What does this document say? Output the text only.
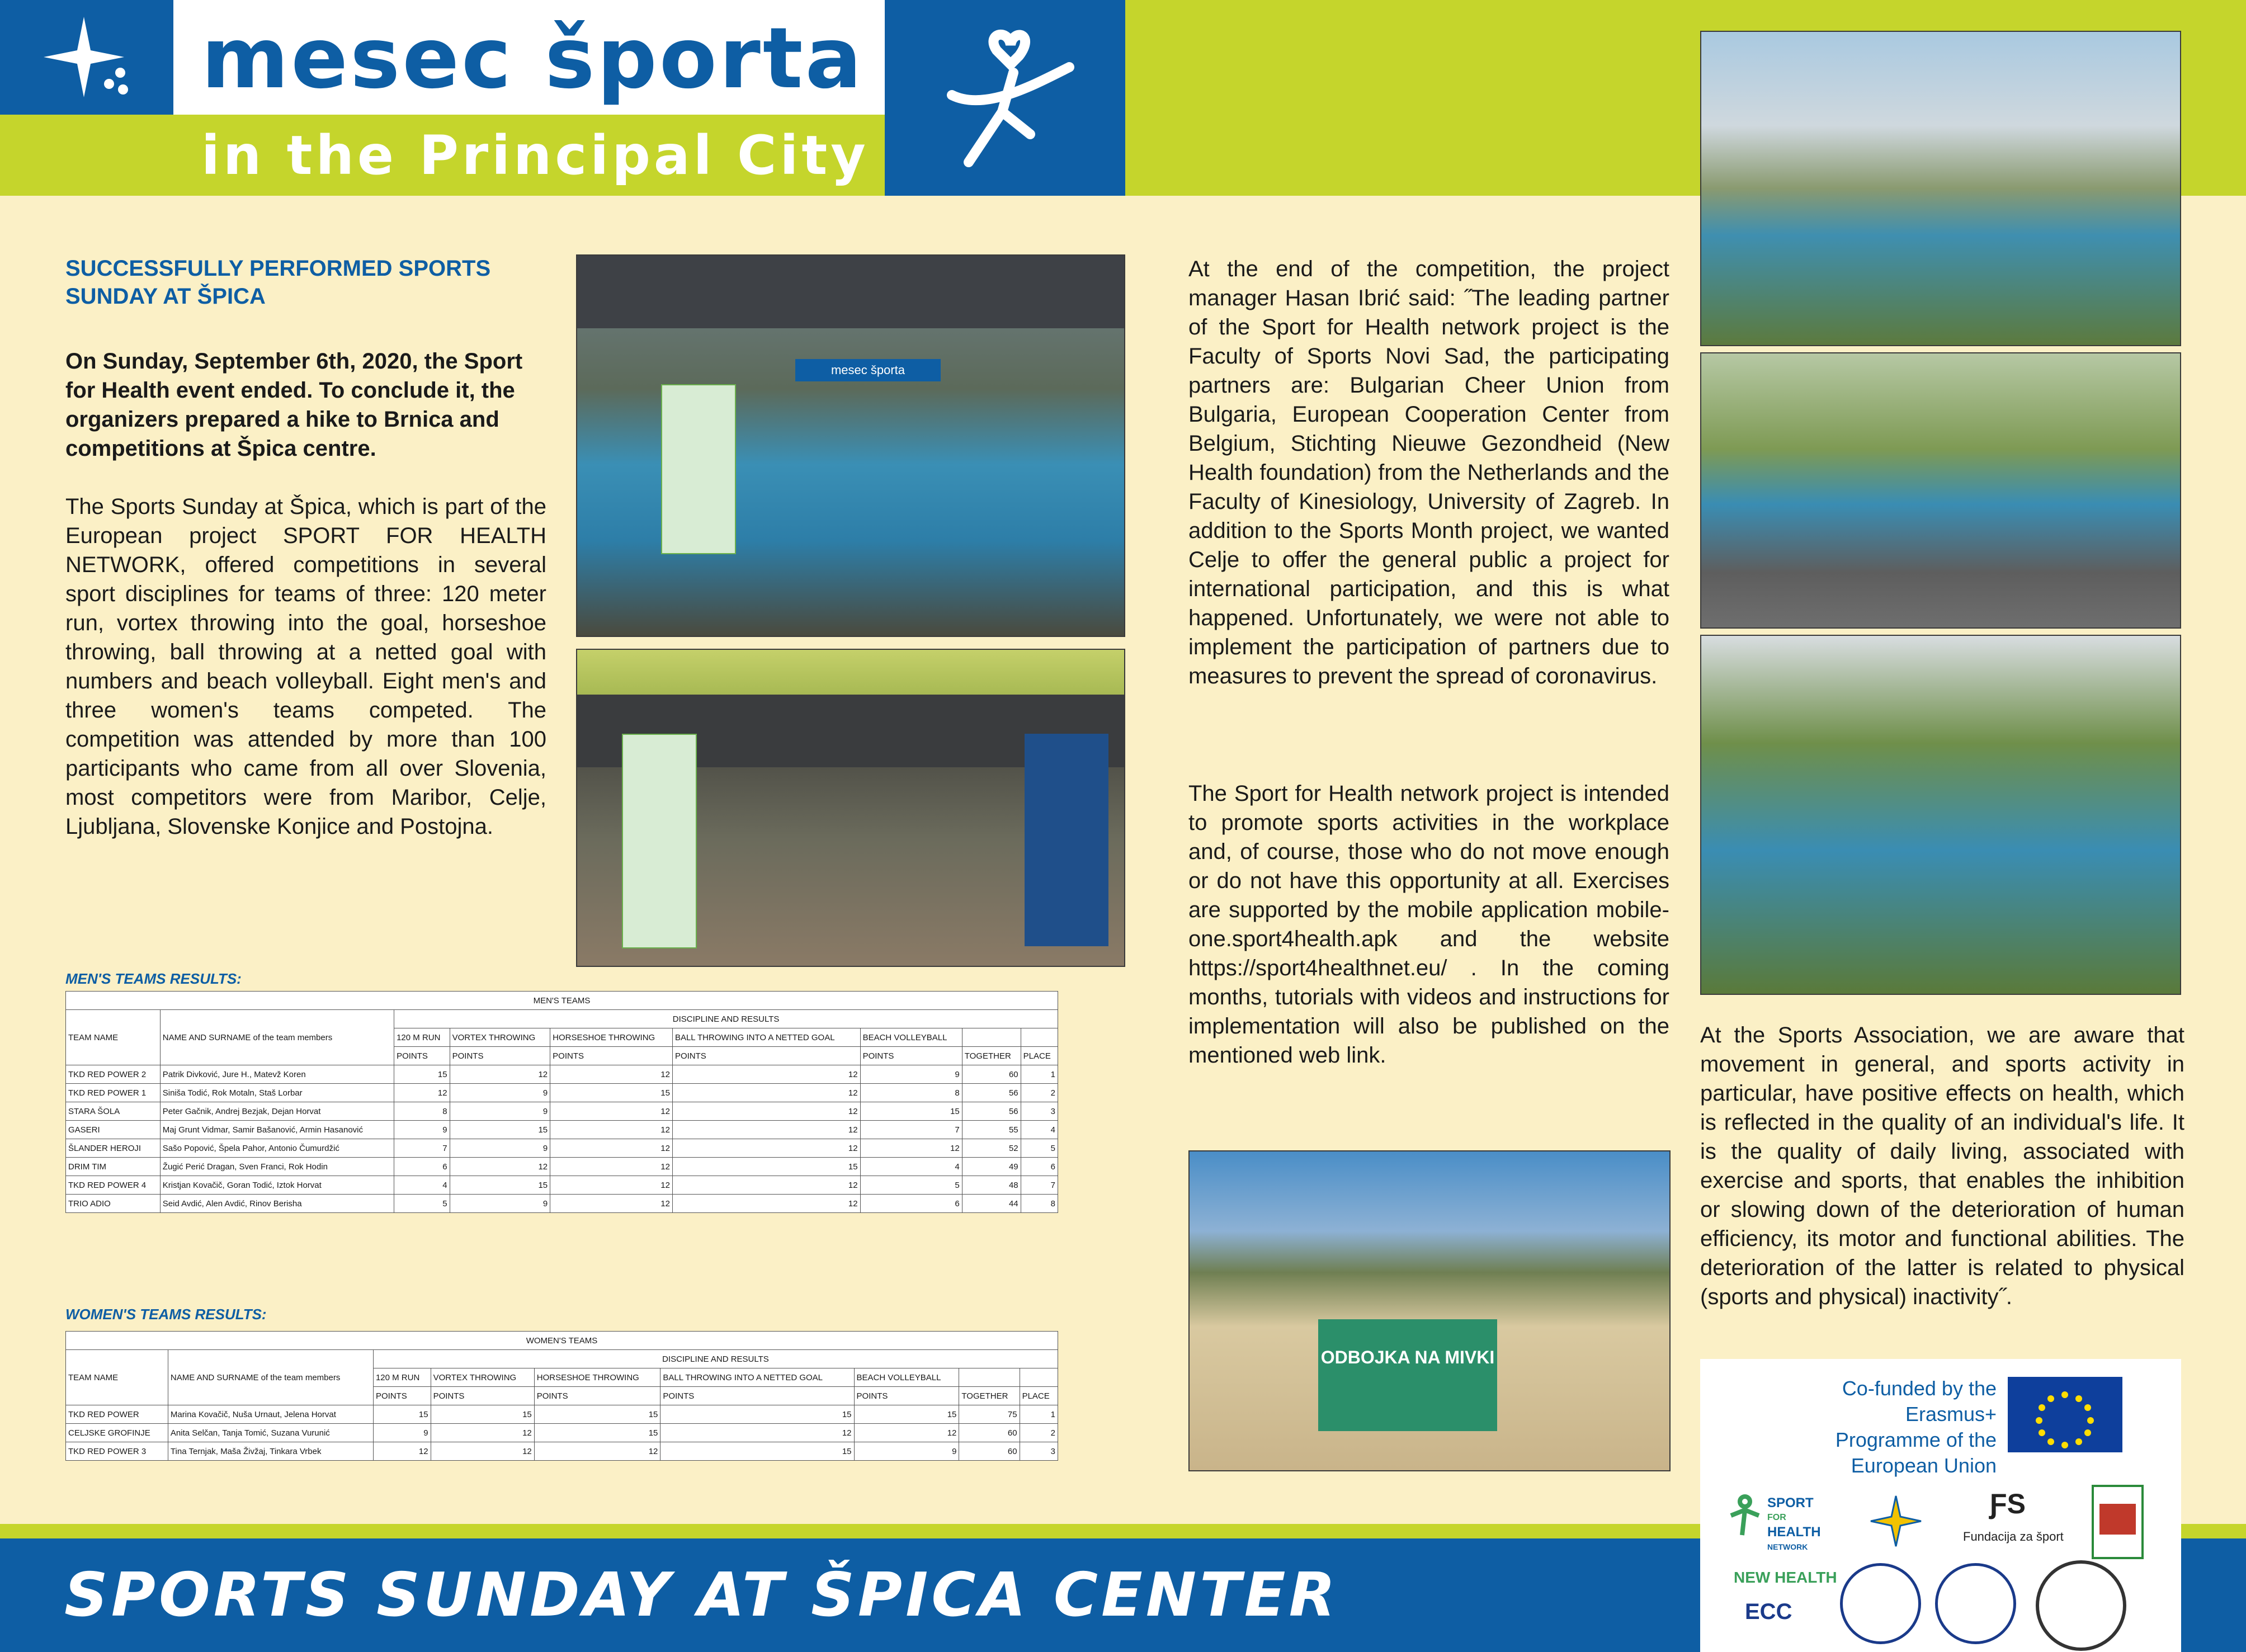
mesec športa
in the Principal City
SUCCESSFULLY PERFORMED SPORTS SUNDAY AT ŠPICA
On Sunday, September 6th, 2020, the Sport for Health event ended. To conclude it, the organizers prepared a hike to Brnica and competitions at Špica centre.
The Sports Sunday at Špica, which is part of the European project SPORT FOR HEALTH NETWORK, offered competitions in several sport disciplines for teams of three: 120 meter run, vortex throwing into the goal, horseshoe throwing, ball throwing at a netted goal with numbers and beach volleyball. Eight men's and three women's teams competed. The competition was attended by more than 100 participants who came from all over Slovenia, most competitors were from Maribor, Celje, Ljubljana, Slovenske Konjice and Postojna.
mesec športa
At the end of the competition, the project manager Hasan Ibrić said: ˝The leading partner of the Sport for Health network project is the Faculty of Sports Novi Sad, the participating partners are: Bulgarian Cheer Union from Bulgaria, European Cooperation Center from Belgium, Stichting Nieuwe Gezondheid (New Health foundation) from the Netherlands and the Faculty of Kinesiology, University of Zagreb. In addition to the Sports Month project, we wanted Celje to offer the general public a project for international participation, and this is what happened. Unfortunately, we were not able to implement the participation of partners due to measures to prevent the spread of coronavirus.
The Sport for Health network project is intended to promote sports activities in the workplace and, of course, those who do not move enough or do not have this opportunity at all. Exercises are supported by the mobile application mobile-one.sport4health.apk and the website https://sport4healthnet.eu/ . In the coming months, tutorials with videos and instructions for implementation will also be published on the mentioned web link.
ODBOJKA NA MIVKI
At the Sports Association, we are aware that movement in general, and sports activity in particular, have positive effects on health, which is reflected in the quality of an individual's life. It is the quality of daily living, associated with exercise and sports, that enables the inhibition or slowing down of the deterioration of human efficiency, its motor and functional abilities. The deterioration of the latter is related to physical (sports and physical) inactivity˝.
MEN'S TEAMS RESULTS:
MEN'S TEAMS								
TEAM NAME	NAME AND SURNAME of the team members	DISCIPLINE AND RESULTS						
		120 M RUN	VORTEX THROWING	HORSESHOE THROWING	BALL THROWING INTO A NETTED GOAL	BEACH VOLLEYBALL		
		POINTS	POINTS	POINTS	POINTS	POINTS	TOGETHER	PLACE
TKD RED POWER 2	Patrik Divković, Jure H., Matevž Koren	15	12	12	12	9	60	1
TKD RED POWER 1	Siniša Todić, Rok Motaln, Staš Lorbar	12	9	15	12	8	56	2
STARA ŠOLA	Peter Gačnik, Andrej Bezjak, Dejan Horvat	8	9	12	12	15	56	3
GASERI	Maj Grunt Vidmar, Samir Bašanović, Armin Hasanović	9	15	12	12	7	55	4
ŠLANDER HEROJI	Sašo Popović, Špela Pahor, Antonio Čumurdžić	7	9	12	12	12	52	5
DRIM TIM	Žugić Perić Dragan, Sven Franci, Rok Hodin	6	12	12	15	4	49	6
TKD RED POWER 4	Kristjan Kovačič, Goran Todić, Iztok Horvat	4	15	12	12	5	48	7
TRIO ADIO	Seid Avdić, Alen Avdić, Rinov Berisha	5	9	12	12	6	44	8
WOMEN'S TEAMS RESULTS:
WOMEN'S TEAMS								
TEAM NAME	NAME AND SURNAME of the team members	DISCIPLINE AND RESULTS						
		120 M RUN	VORTEX THROWING	HORSESHOE THROWING	BALL THROWING INTO A NETTED GOAL	BEACH VOLLEYBALL		
		POINTS	POINTS	POINTS	POINTS	POINTS	TOGETHER	PLACE
TKD RED POWER	Marina Kovačič, Nuša Urnaut, Jelena Horvat	15	15	15	15	15	75	1
CELJSKE GROFINJE	Anita Selčan, Tanja Tomić, Suzana Vurunić	9	12	15	12	12	60	2
TKD RED POWER 3	Tina Ternjak, Maša Živžaj, Tinkara Vrbek	12	12	12	15	9	60	3
SPORTS SUNDAY AT ŠPICA CENTER
Co-funded by the Erasmus+ Programme of the European Union
SPORT
FOR
HEALTH
NETWORK
ƑS
Fundacija za šport
NEW HEALTH
ECC
